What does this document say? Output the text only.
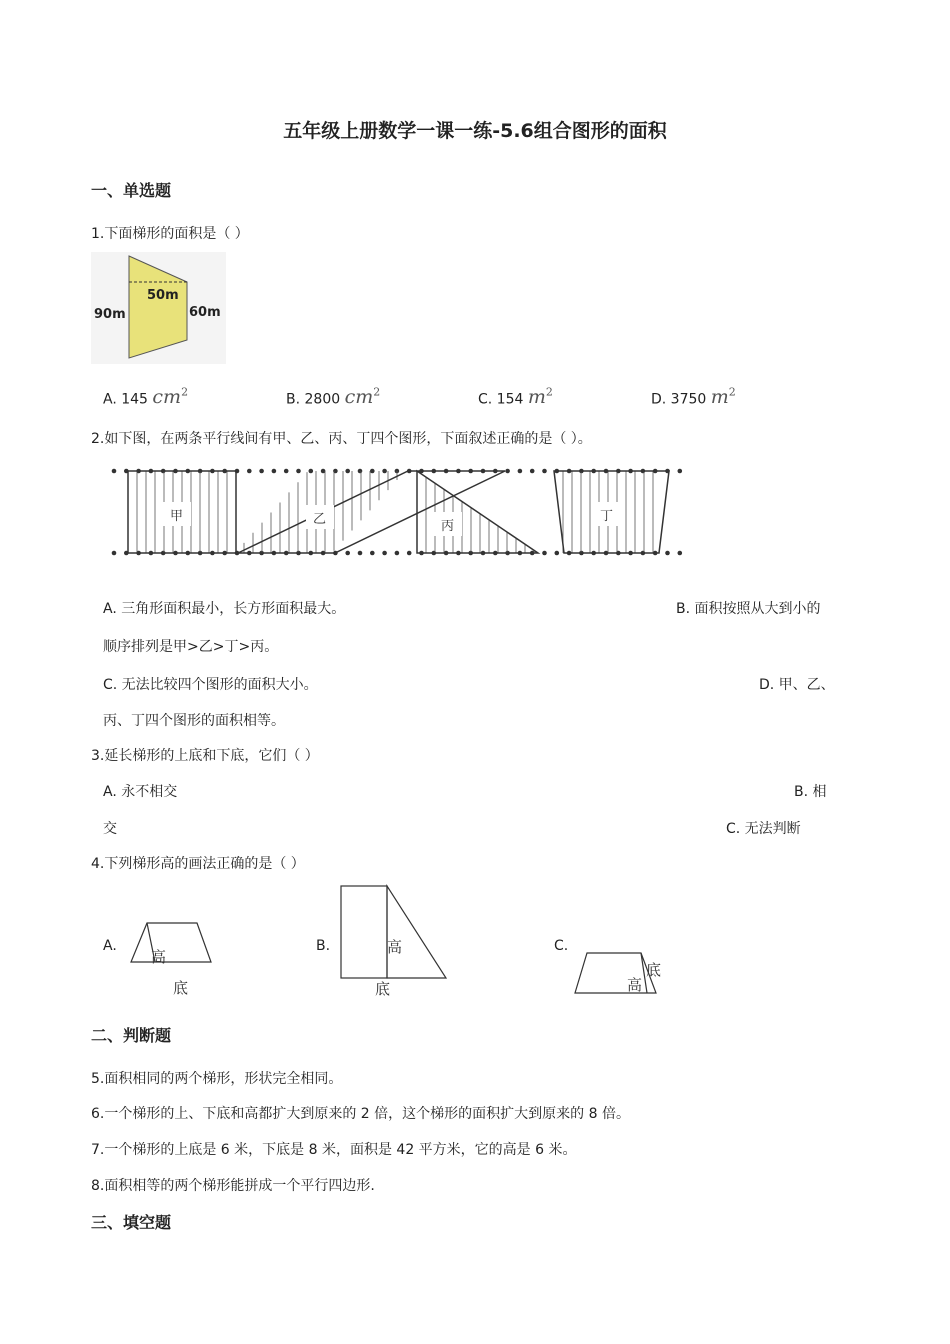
五年级上册数学一课一练-5.6组合图形的面积
一、单选题
1.下面梯形的面积是（ ）
90m
50m
60m
A. 145 $cm^2$	B. 2800 $cm^2$	C. 154 $m^2$	D. 3750 $m^2$
2.如下图，在两条平行线间有甲、乙、丙、丁四个图形，下面叙述正确的是（ ）。
甲	乙	丙
丁
A. 三角形面积最小，长方形面积最大。	B. 面积按照从大到小的
顺序排列是甲>乙>丁>丙。
C. 无法比较四个图形的面积大小。	D. 甲、乙、
丙、丁四个图形的面积相等。
3.延长梯形的上底和下底，它们（ ）
A. 永不相交	B. 相
交	C. 无法判断
4.下列梯形高的画法正确的是（ ）
A.
高
底
B.	高
底
C.
高
底
二、判断题
5.面积相同的两个梯形，形状完全相同。
6.一个梯形的上、下底和高都扩大到原来的 2 倍，这个梯形的面积扩大到原来的 8 倍。
7.一个梯形的上底是 6 米，下底是 8 米，面积是 42 平方米，它的高是 6 米。
8.面积相等的两个梯形能拼成一个平行四边形.
三、填空题
